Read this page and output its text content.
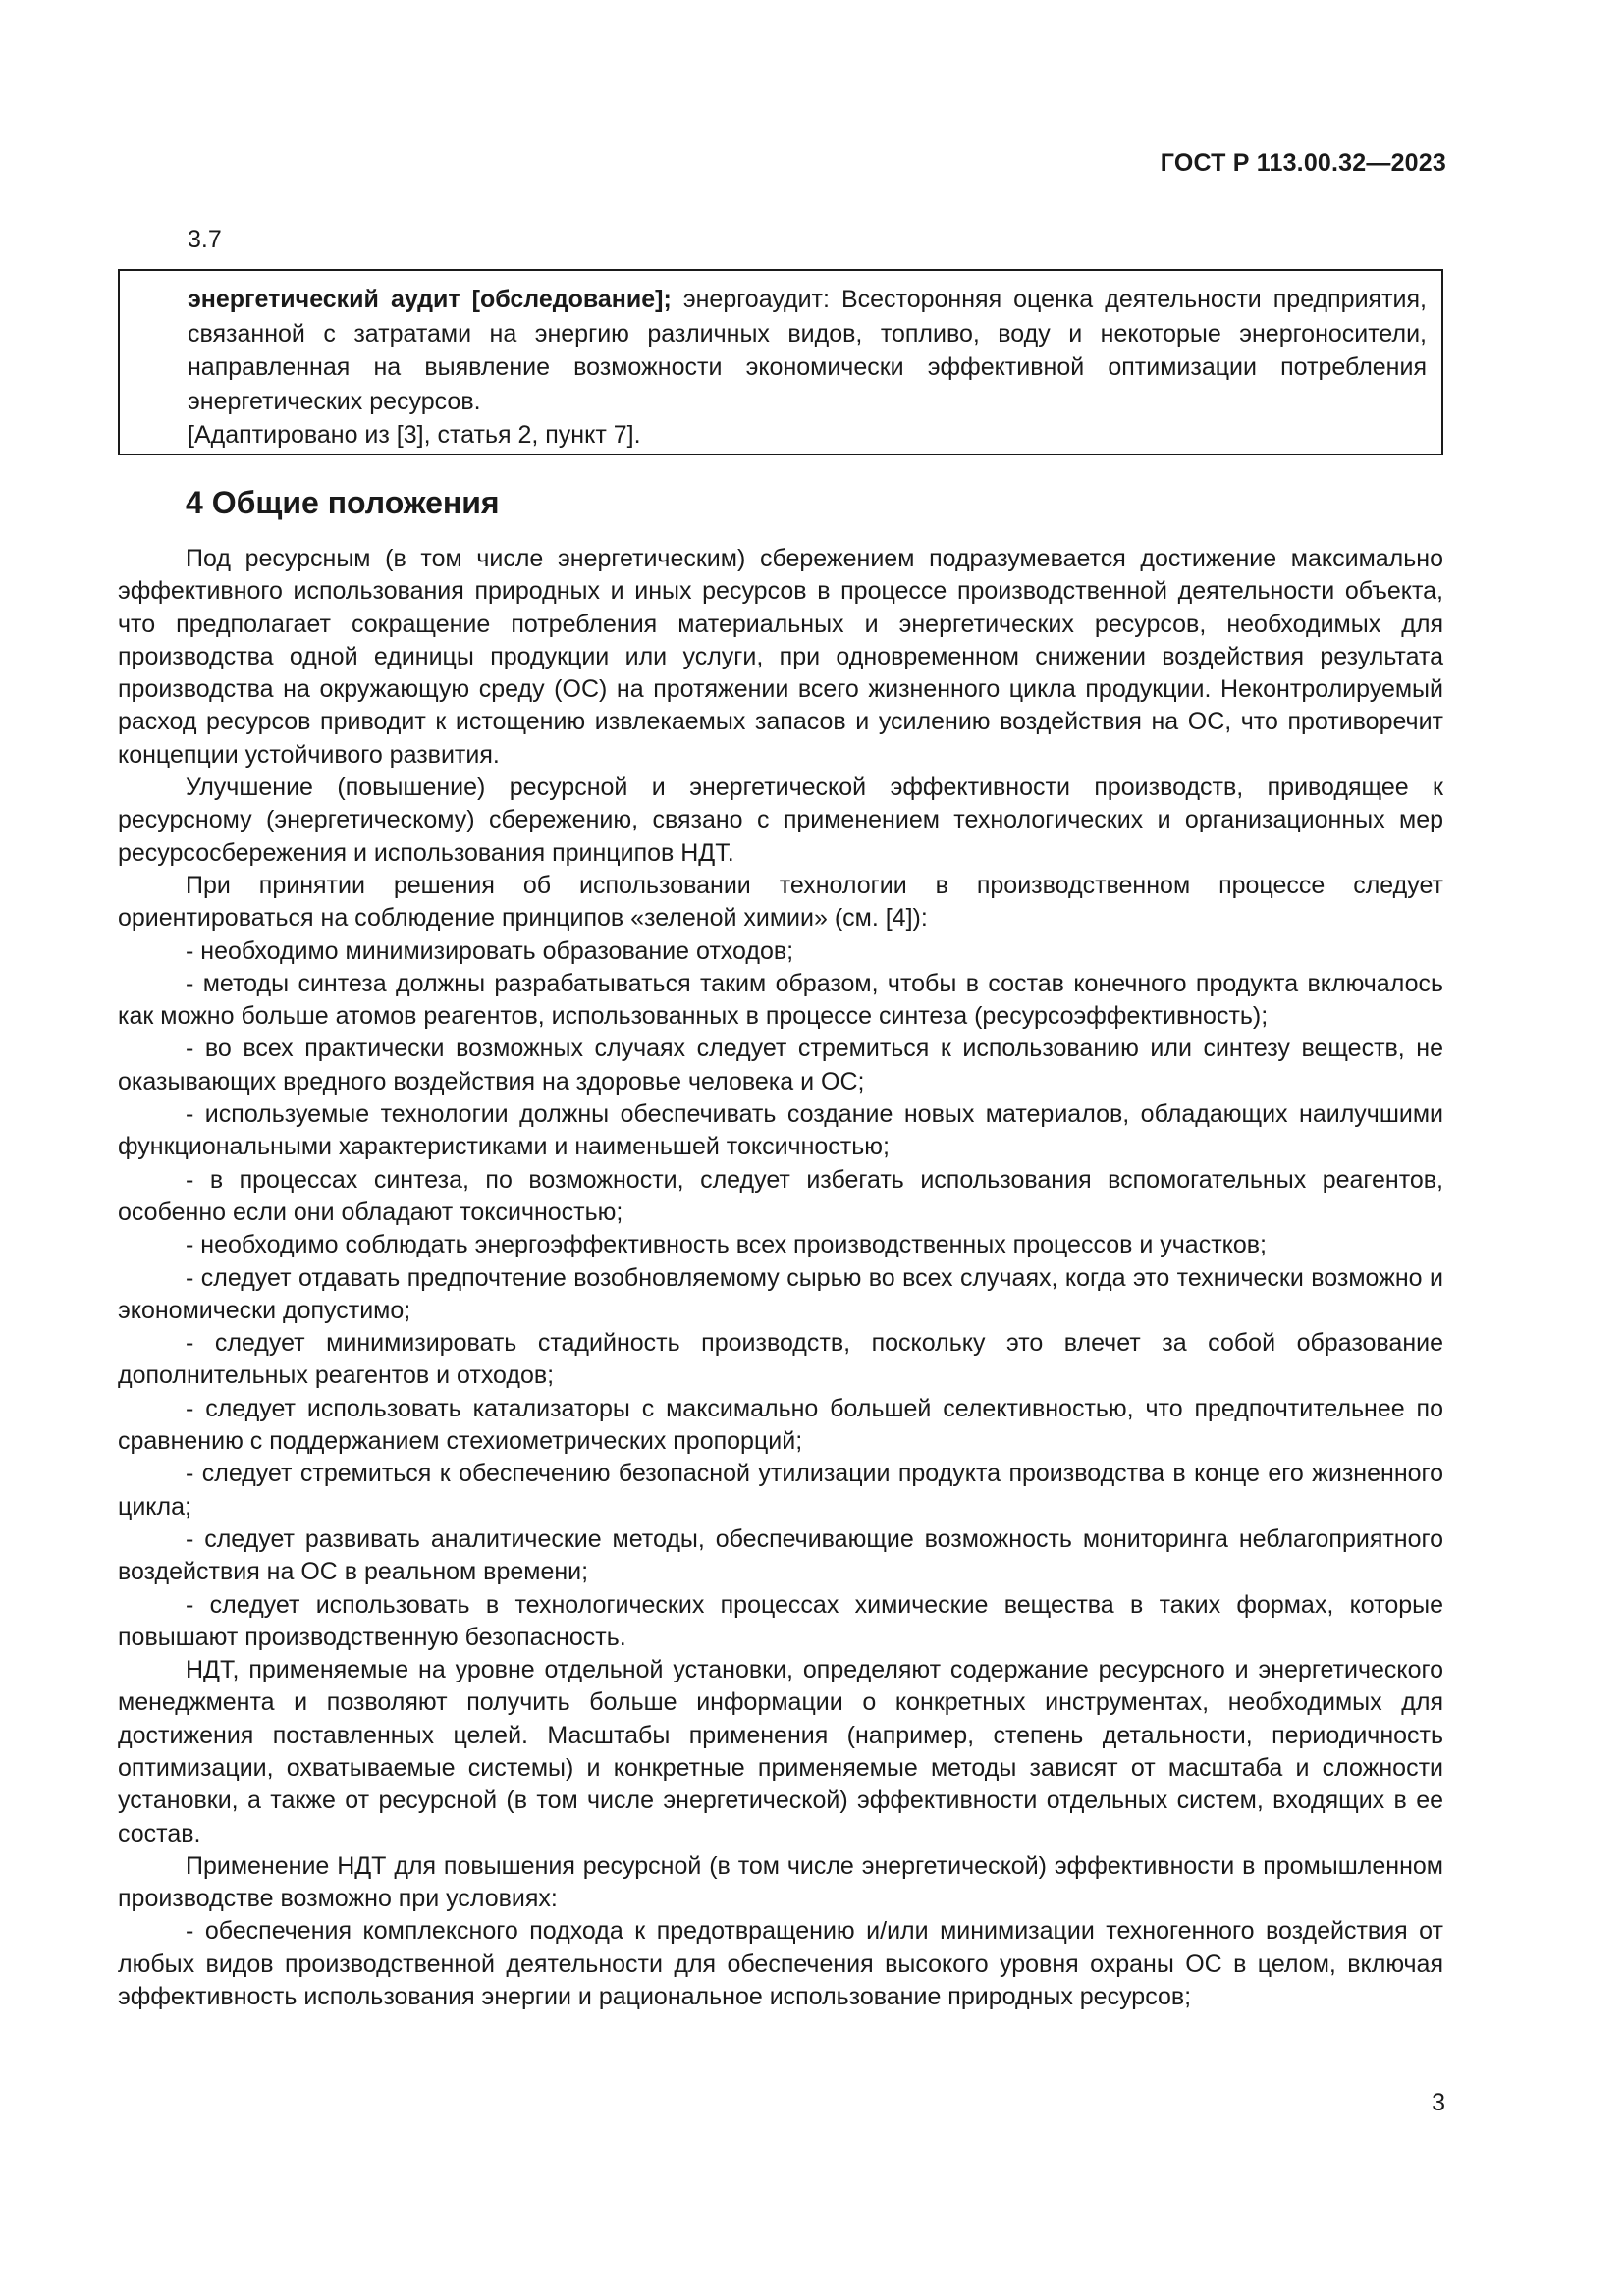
ГОСТ Р 113.00.32—2023
3.7

энергетический аудит [обследование]; энергоаудит: Всесторонняя оценка деятельности предприятия, связанной с затратами на энергию различных видов, топливо, воду и некоторые энергоносители, направленная на выявление возможности экономически эффективной оптимизации потребления энергетических ресурсов.

[Адаптировано из [3], статья 2, пункт 7].

4 Общие положения

Под ресурсным (в том числе энергетическим) сбережением подразумевается достижение максимально эффективного использования природных и иных ресурсов в процессе производственной деятельности объекта, что предполагает сокращение потребления материальных и энергетических ресурсов, необходимых для производства одной единицы продукции или услуги, при одновременном снижении воздействия результата производства на окружающую среду (ОС) на протяжении всего жизненного цикла продукции. Неконтролируемый расход ресурсов приводит к истощению извлекаемых запасов и усилению воздействия на ОС, что противоречит концепции устойчивого развития.

Улучшение (повышение) ресурсной и энергетической эффективности производств, приводящее к ресурсному (энергетическому) сбережению, связано с применением технологических и организационных мер ресурсосбережения и использования принципов НДТ.

При принятии решения об использовании технологии в производственном процессе следует ориентироваться на соблюдение принципов «зеленой химии» (см. [4]):

- необходимо минимизировать образование отходов;

- методы синтеза должны разрабатываться таким образом, чтобы в состав конечного продукта включалось как можно больше атомов реагентов, использованных в процессе синтеза (ресурсоэффективность);

- во всех практически возможных случаях следует стремиться к использованию или синтезу веществ, не оказывающих вредного воздействия на здоровье человека и ОС;

- используемые технологии должны обеспечивать создание новых материалов, обладающих наилучшими функциональными характеристиками и наименьшей токсичностью;

- в процессах синтеза, по возможности, следует избегать использования вспомогательных реагентов, особенно если они обладают токсичностью;

- необходимо соблюдать энергоэффективность всех производственных процессов и участков;

- следует отдавать предпочтение возобновляемому сырью во всех случаях, когда это технически возможно и экономически допустимо;

- следует минимизировать стадийность производств, поскольку это влечет за собой образование дополнительных реагентов и отходов;

- следует использовать катализаторы с максимально большей селективностью, что предпочтительнее по сравнению с поддержанием стехиометрических пропорций;

- следует стремиться к обеспечению безопасной утилизации продукта производства в конце его жизненного цикла;

- следует развивать аналитические методы, обеспечивающие возможность мониторинга неблагоприятного воздействия на ОС в реальном времени;

- следует использовать в технологических процессах химические вещества в таких формах, которые повышают производственную безопасность.

НДТ, применяемые на уровне отдельной установки, определяют содержание ресурсного и энергетического менеджмента и позволяют получить больше информации о конкретных инструментах, необходимых для достижения поставленных целей. Масштабы применения (например, степень детальности, периодичность оптимизации, охватываемые системы) и конкретные применяемые методы зависят от масштаба и сложности установки, а также от ресурсной (в том числе энергетической) эффективности отдельных систем, входящих в ее состав.

Применение НДТ для повышения ресурсной (в том числе энергетической) эффективности в промышленном производстве возможно при условиях:

- обеспечения комплексного подхода к предотвращению и/или минимизации техногенного воздействия от любых видов производственной деятельности для обеспечения высокого уровня охраны ОС в целом, включая эффективность использования энергии и рациональное использование природных ресурсов;

3
